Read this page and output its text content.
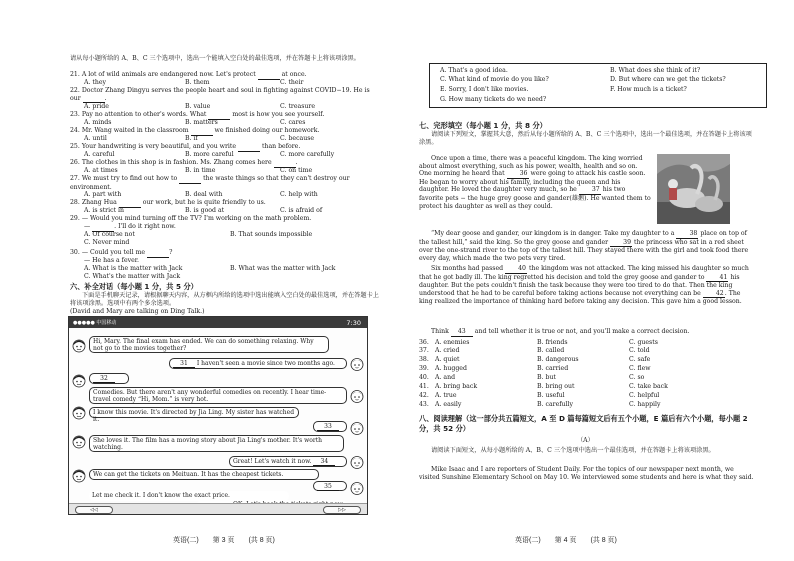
请从每小题所给的 A、B、C 三个选项中，选出一个能填入空白处的最佳选项，并在答题卡上将该项涂黑。
21. A lot of wild animals are endangered now. Let's protect	at once.
A. they	B. them	C. their
22. Doctor Zhang Dingyu serves the people heart and soul in fighting against COVID−19. He is our	.
A. pride	B. value	C. treasure
23. Pay no attention to other's words. What	most is how you see yourself.
A. minds	B. matters	C. cares
24. Mr. Wang waited in the classroom	we finished doing our homework.
A. until	B. if	C. because
25. Your handwriting is very beautiful, and you write	than before.
A. careful	B. more careful	C. more carefully
26. The clothes in this shop is in fashion. Ms. Zhang comes here	.
A. at times	B. in time	C. on time
27. We must try to find out how to	the waste things so that they can't destroy our environment.
A. part with	B. deal with	C. help with
28. Zhang Hua	our work, but he is quite friendly to us.
A. is strict in	B. is good at	C. is afraid of
29. — Would you mind turning off the TV? I'm working on the math problem.
—	. I'll do it right now.
A. Of course not	B. That sounds impossible
C. Never mind
30. — Could you tell me	?
— He has a fever.
A. What is the matter with Jack	B. What was the matter with Jack
C. What's the matter with Jack
六、补全对话（每小题 1 分，共 5 分）
下面是手机聊天记录，请根据聊天内容，从方框内所给的选项中选出能填入空白处的最佳选项，并在答题卡上将该项涂黑。选项中有两个多余选项。
(David and Mary are talking on Ding Talk.)
●●●●● 中国移动	7:30
Hi, Mary. The final exam has ended. We can do something relaxing. Why not go to the movies together?
31 I haven't seen a movie since two months ago.
32
Comedies. But there aren't any wonderful comedies on recently. I hear time-travel comedy “Hi, Mom.” is very hot.
I know this movie. It's directed by Jia Ling. My sister has watched it.
33
She loves it. The film has a moving story about Jia Ling's mother. It's worth watching.
Great! Let's watch it now. 34
We can get the tickets on Meituan. It has the cheapest tickets.
35
Let me check it. I don't know the exact price.
◁◁	▷▷
英语(二)　　第 3 页　　(共 8 页)
A. That's a good idea.	B. What does she think of it?
C. What kind of movie do you like?	D. But where can we get the tickets?
E. Sorry, I don't like movies.	F. How much is a ticket?
G. How many tickets do we need?
七、完形填空（每小题 1 分，共 8 分）
请阅读下列短文，掌握其大意，然后从每小题所给的 A、B、C 三个选项中，选出一个最佳选项，并在答题卡上将该项涂黑。
Once upon a time, there was a peaceful kingdom. The king worried about almost everything, such as his power, wealth, health and so on. One morning he heard that 36 were going to attack his castle soon. He began to worry about his family, including the queen and his daughter. He loved the daughter very much, so he 37 his two favorite pets − the huge grey goose and gander(雄鹅). He wanted them to protect his daughter as well as they could.
“My dear goose and gander, our kingdom is in danger. Take my daughter to a 38 place on top of the tallest hill,” said the king. So the grey goose and gander 39 the princess who sat in a red sheet over the one-strand river to the top of the tallest hill. They stayed there with the girl and took food there every day, which made the two pets very tired.
Six months had passed 40 the kingdom was not attacked. The king missed his daughter so much that he got badly ill. The king regretted his decision and told the grey goose and gander to 41 his daughter. But the pets couldn't finish the task because they were too tired to do that. Then the king understood that he had to be careful before taking actions because not everything can be 42. The king realized the importance of thinking hard before taking any decision. This gave him a good lesson.
Think 43 and tell whether it is true or not, and you'll make a correct decision.
36. A. enemies	B. friends	C. guests
37. A. cried	B. called	C. told
38. A. quiet	B. dangerous	C. safe
39. A. hugged	B. carried	C. flew
40. A. and	B. but	C. so
41. A. bring back	B. bring out	C. take back
42. A. true	B. useful	C. helpful
43. A. easily	B. carefully	C. happily
八、阅读理解（这一部分共五篇短文，A 至 D 篇每篇短文后有五个小题，E 篇后有六个小题，每小题 2 分，共 52 分）
（A）
请阅读下面短文，从每小题所给的 A、B、C 三个选项中选出一个最佳选项，并在答题卡上将该项涂黑。
Mike Isaac and I are reporters of Student Daily. For the topics of our newspaper next month, we visited Sunshine Elementary School on May 10. We interviewed some students and here is what they said.
英语(二)　　第 4 页　　(共 8 页)
